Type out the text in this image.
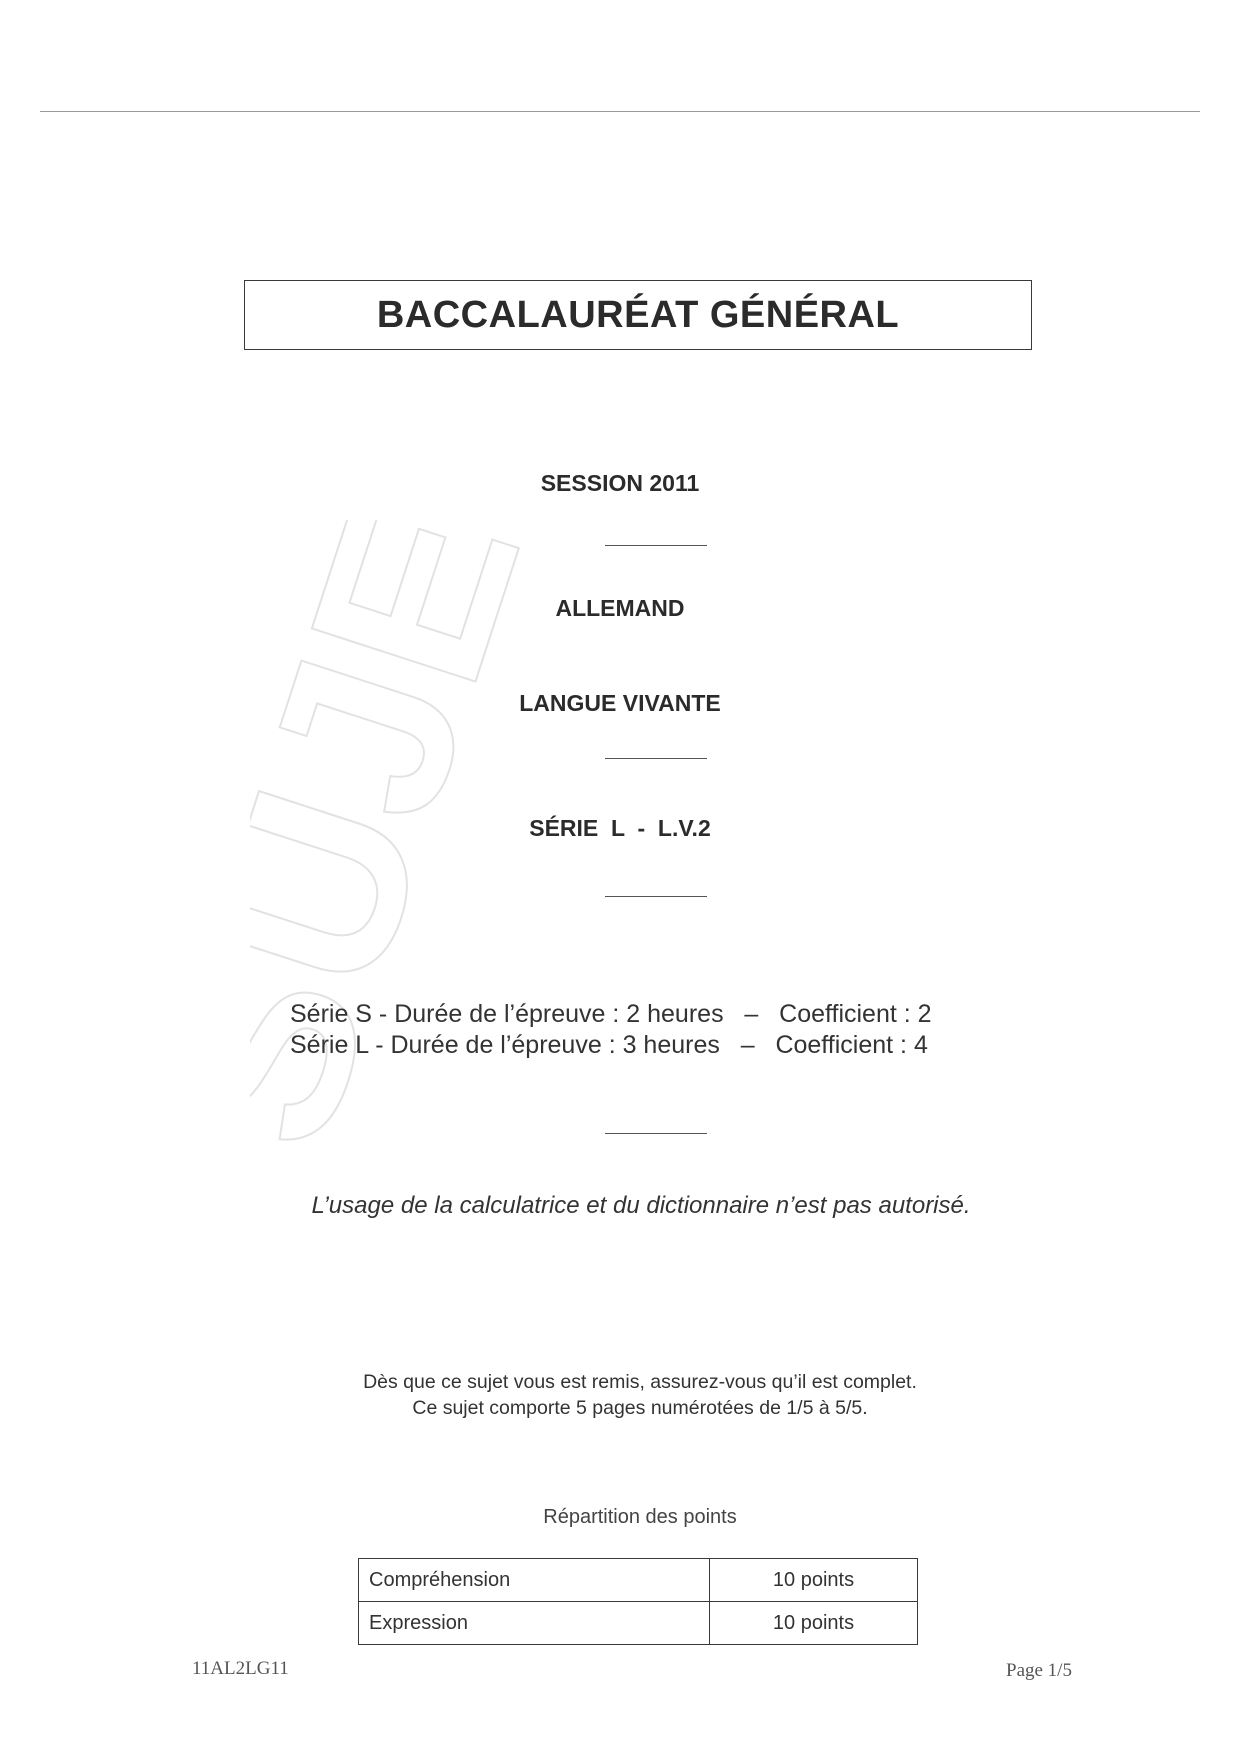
SUJET
BACCALAURÉAT GÉNÉRAL
SESSION 2011
ALLEMAND
LANGUE VIVANTE
SÉRIE  L  -  L.V.2
Série S - Durée de l’épreuve : 2 heures   –   Coefficient : 2
Série L - Durée de l’épreuve : 3 heures   –   Coefficient : 4
L’usage de la calculatrice et du dictionnaire n’est pas autorisé.
Dès que ce sujet vous est remis, assurez-vous qu’il est complet.
Ce sujet comporte 5 pages numérotées de 1/5 à 5/5.
Répartition des points
Compréhension	10 points
Expression	10 points
11AL2LG11	Page 1/5
